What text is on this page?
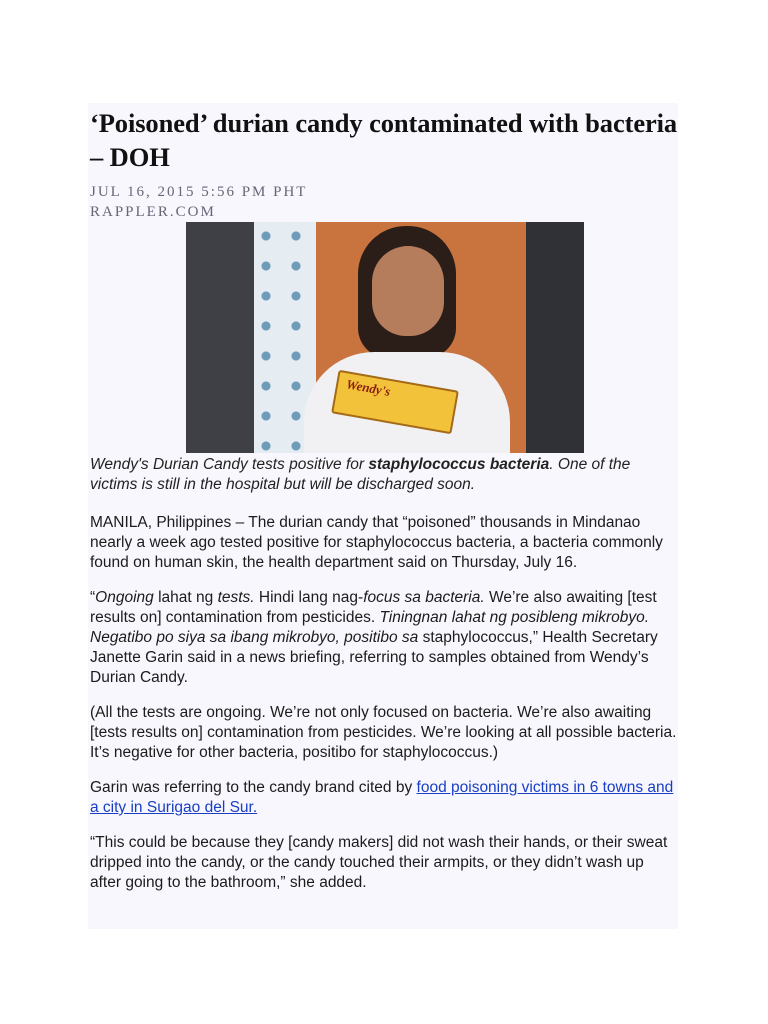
‘Poisoned’ durian candy contaminated with bacteria – DOH
JUL 16, 2015 5:56 PM PHT
RAPPLER.COM
Wendy's
Wendy's Durian Candy tests positive for staphylococcus bacteria. One of the victims is still in the hospital but will be discharged soon.
MANILA, Philippines – The durian candy that “poisoned” thousands in Mindanao nearly a week ago tested positive for staphylococcus bacteria, a bacteria commonly found on human skin, the health department said on Thursday, July 16.
“Ongoing lahat ng tests. Hindi lang nag-focus sa bacteria. We’re also awaiting [test results on] contamination from pesticides. Tiningnan lahat ng posibleng mikrobyo. Negatibo po siya sa ibang mikrobyo, positibo sa staphylococcus,” Health Secretary Janette Garin said in a news briefing, referring to samples obtained from Wendy’s Durian Candy.
(All the tests are ongoing. We’re not only focused on bacteria. We’re also awaiting [tests results on] contamination from pesticides. We’re looking at all possible bacteria. It’s negative for other bacteria, positibo for staphylococcus.)
Garin was referring to the candy brand cited by food poisoning victims in 6 towns and a city in Surigao del Sur.
“This could be because they [candy makers] did not wash their hands, or their sweat dripped into the candy, or the candy touched their armpits, or they didn’t wash up after going to the bathroom,” she added.
